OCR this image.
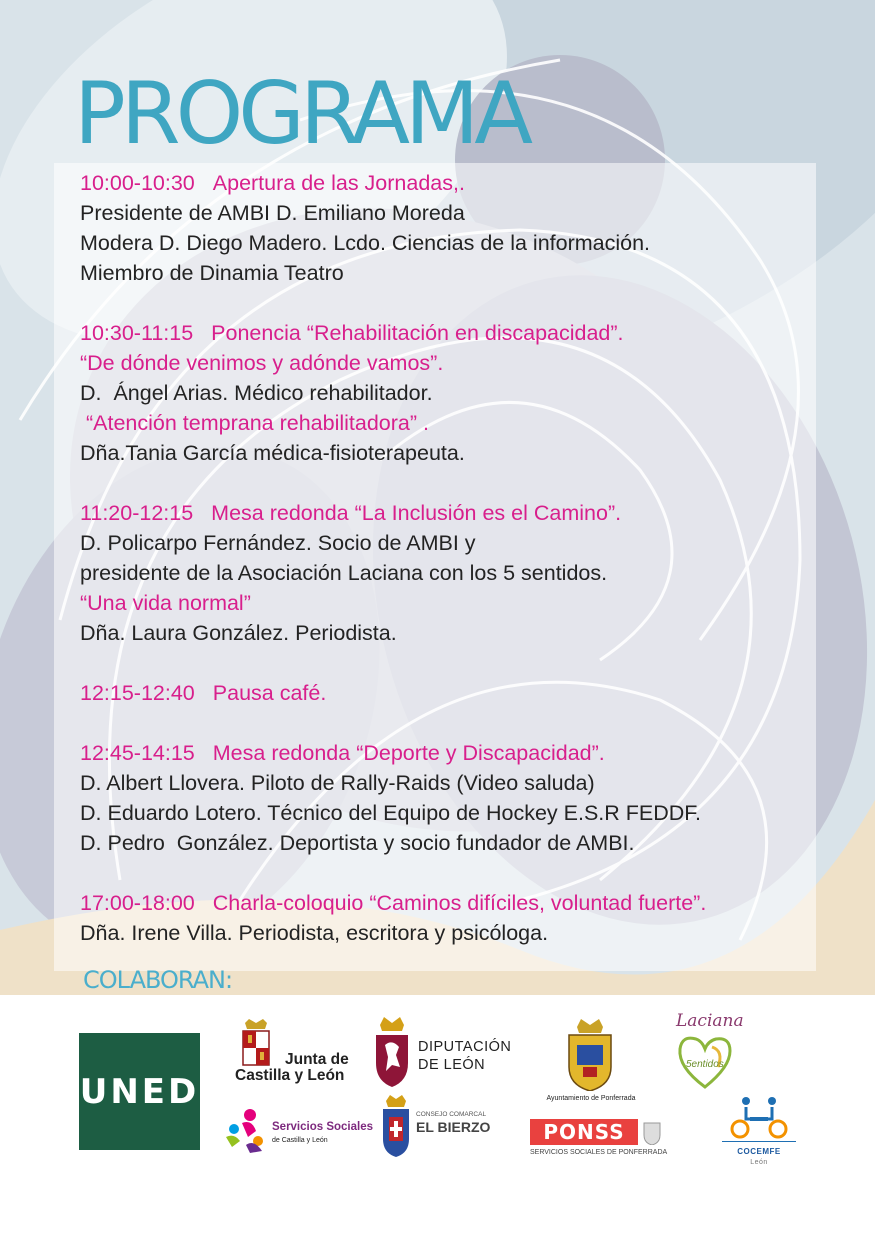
PROGRAMA
10:00-10:30 Apertura de las Jornadas,.
Presidente de AMBI D. Emiliano Moreda
Modera D. Diego Madero. Lcdo. Ciencias de la información.
Miembro de Dinamia Teatro
10:30-11:15 Ponencia “Rehabilitación en discapacidad”.
“De dónde venimos y adónde vamos”.
D.  Ángel Arias. Médico rehabilitador.
“Atención temprana rehabilitadora” .
Dña.Tania García médica-fisioterapeuta.
11:20-12:15 Mesa redonda “La Inclusión es el Camino”.
D. Policarpo Fernández. Socio de AMBI y
presidente de la Asociación Laciana con los 5 sentidos.
“Una vida normal”
Dña. Laura González. Periodista.
12:15-12:40 Pausa café.
12:45-14:15 Mesa redonda “Deporte y Discapacidad”.
D. Albert Llovera. Piloto de Rally-Raids (Video saluda)
D. Eduardo Lotero. Técnico del Equipo de Hockey E.S.R FEDDF.
D. Pedro  González. Deportista y socio fundador de AMBI.
17:00-18:00 Charla-coloquio “Caminos difíciles, voluntad fuerte”.
Dña. Irene Villa. Periodista, escritora y psicóloga.
COLABORAN:
UNED
Junta de
Castilla y León
DIPUTACIÓN
DE LEÓN
Ayuntamiento de Ponferrada
Laciana
5entidos
Servicios Sociales
de Castilla y León
CONSEJO COMARCAL
EL BIERZO	PONSS
SERVICIOS SOCIALES DE PONFERRADA	COCEMFE
León
